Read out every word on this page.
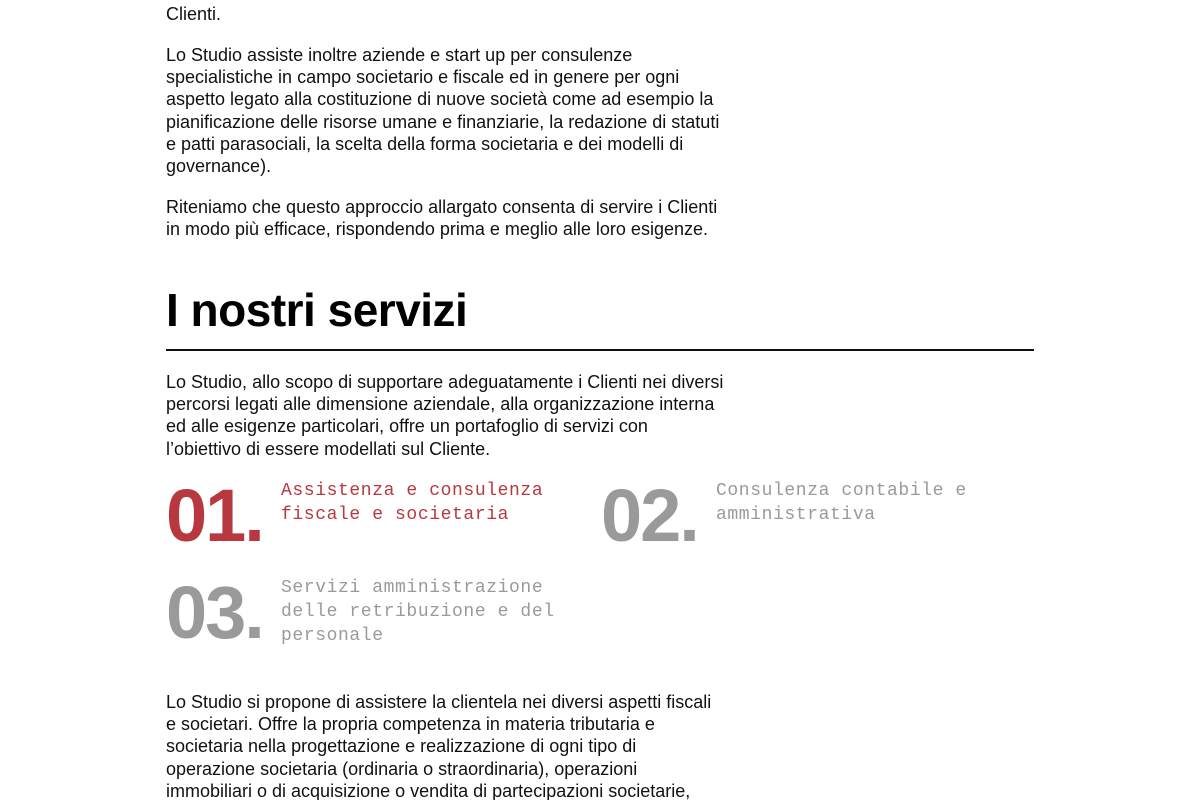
Clienti.

Lo Studio assiste inoltre aziende e start up per consulenze specialistiche in campo societario e fiscale ed in genere per ogni aspetto legato alla costituzione di nuove società come ad esempio la pianificazione delle risorse umane e finanziarie, la redazione di statuti e patti parasociali, la scelta della forma societaria e dei modelli di governance).

Riteniamo che questo approccio allargato consenta di servire i Clienti in modo più efficace, rispondendo prima e meglio alle loro esigenze.

I nostri servizi

Lo Studio, allo scopo di supportare adeguatamente i Clienti nei diversi percorsi legati alle dimensione aziendale, alla organizzazione interna ed alle esigenze particolari, offre un portafoglio di servizi con l’obiettivo di essere modellati sul Cliente.

01. Assistenza e consulenza fiscale e societaria	02. Consulenza contabile e amministrativa
03. Servizi amministrazione delle retribuzione e del personale

Lo Studio si propone di assistere la clientela nei diversi aspetti fiscali e societari. Offre la propria competenza in materia tributaria e societaria nella progettazione e realizzazione di ogni tipo di operazione societaria (ordinaria o straordinaria), operazioni immobiliari o di acquisizione o vendita di partecipazioni societarie,
